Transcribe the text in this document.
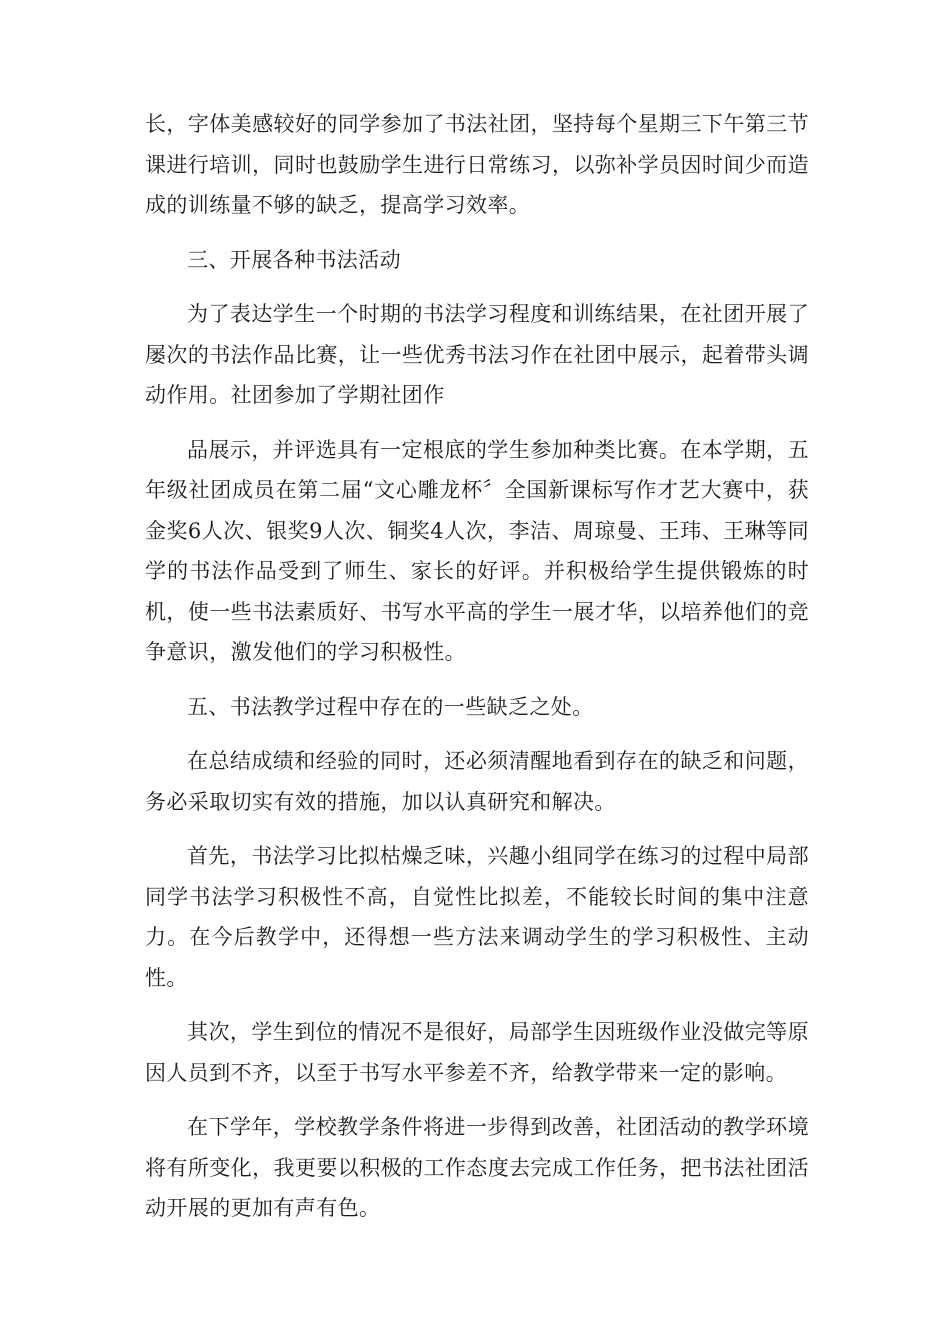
长，字体美感较好的同学参加了书法社团，坚持每个星期三下午第三节课进行培训，同时也鼓励学生进行日常练习，以弥补学员因时间少而造成的训练量不够的缺乏，提高学习效率。

三、开展各种书法活动

为了表达学生一个时期的书法学习程度和训练结果，在社团开展了屡次的书法作品比赛，让一些优秀书法习作在社团中展示，起着带头调动作用。社团参加了学期社团作

品展示，并评选具有一定根底的学生参加种类比赛。在本学期，五年级社团成员在第二届“文心雕龙杯〞全国新课标写作才艺大赛中，获金奖6人次、银奖9人次、铜奖4人次，李洁、周琼曼、王玮、王琳等同学的书法作品受到了师生、家长的好评。并积极给学生提供锻炼的时机，使一些书法素质好、书写水平高的学生一展才华，以培养他们的竞争意识，激发他们的学习积极性。

五、书法教学过程中存在的一些缺乏之处。

在总结成绩和经验的同时，还必须清醒地看到存在的缺乏和问题，务必采取切实有效的措施，加以认真研究和解决。

首先，书法学习比拟枯燥乏味，兴趣小组同学在练习的过程中局部同学书法学习积极性不高，自觉性比拟差，不能较长时间的集中注意力。在今后教学中，还得想一些方法来调动学生的学习积极性、主动性。

其次，学生到位的情况不是很好，局部学生因班级作业没做完等原因人员到不齐，以至于书写水平参差不齐，给教学带来一定的影响。

在下学年，学校教学条件将进一步得到改善，社团活动的教学环境将有所变化，我更要以积极的工作态度去完成工作任务，把书法社团活动开展的更加有声有色。
